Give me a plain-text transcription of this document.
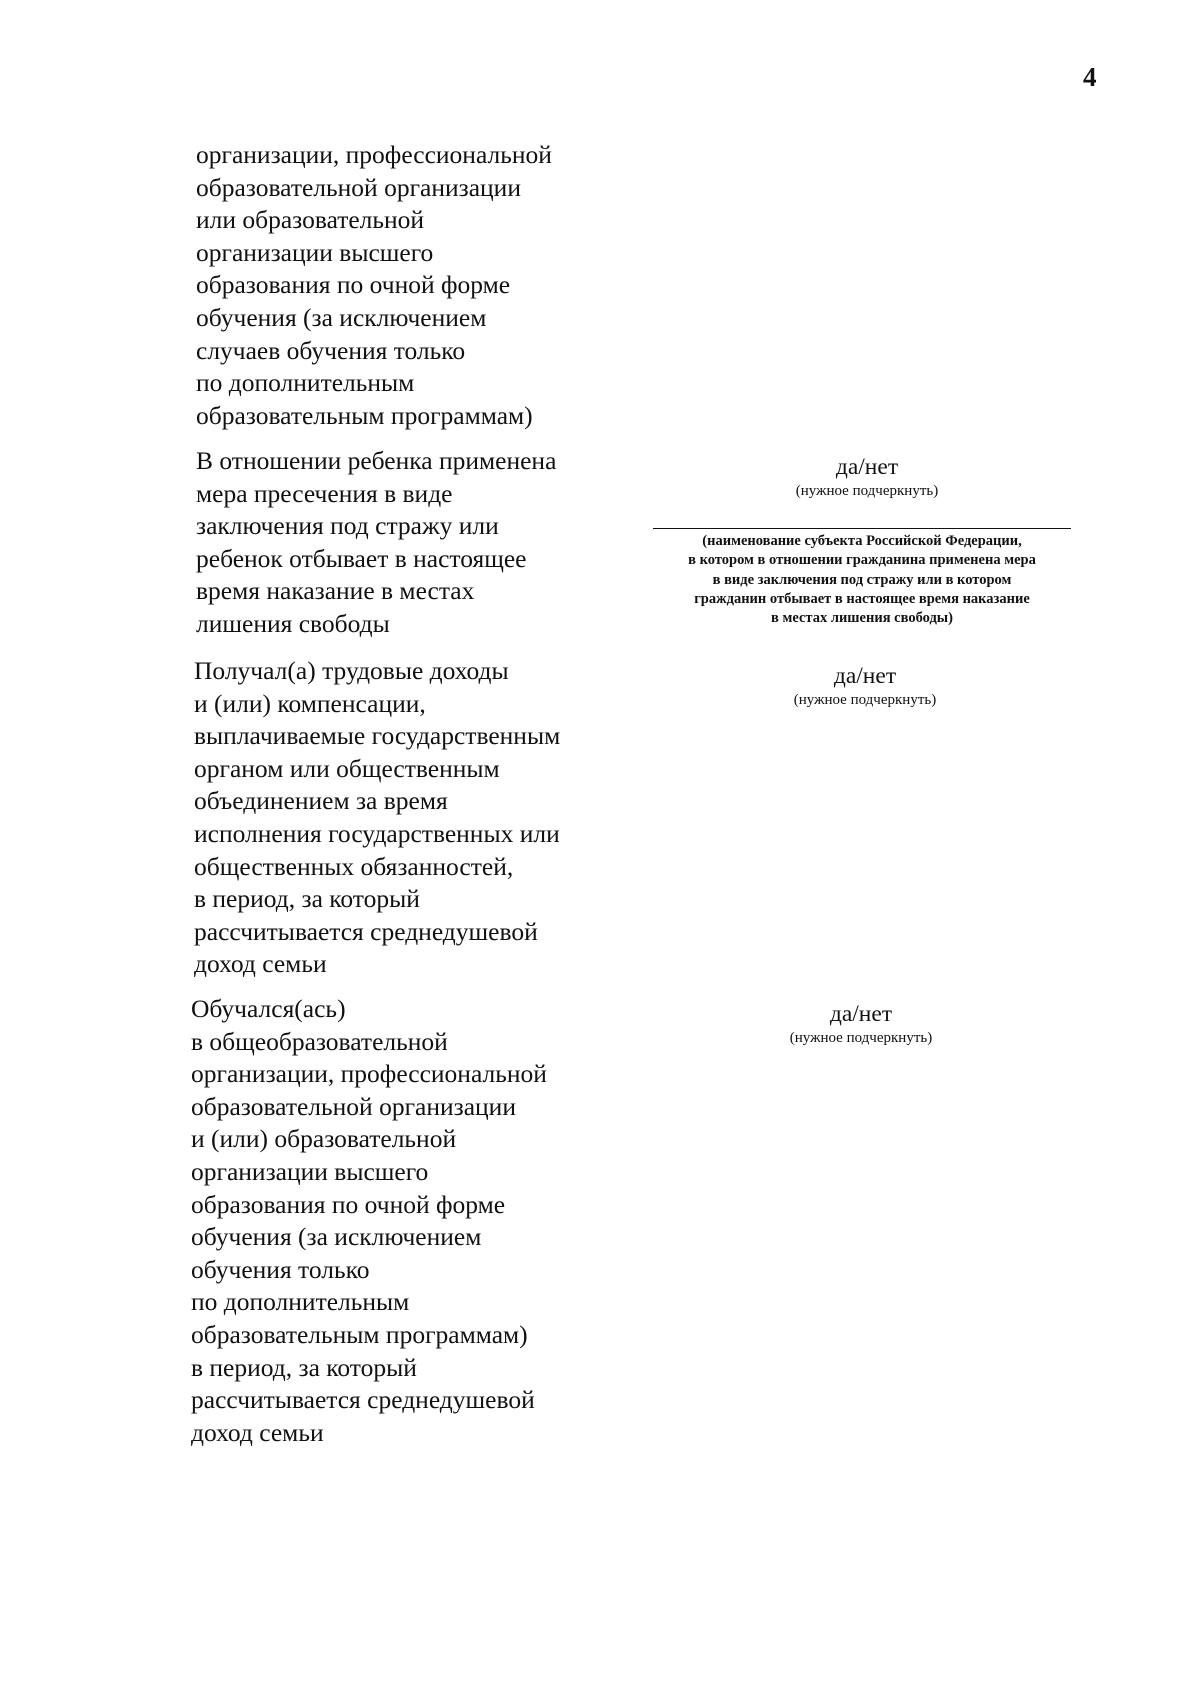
4
организации, профессиональной
образовательной организации
или образовательной
организации высшего
образования по очной форме
обучения (за исключением
случаев обучения только
по дополнительным
образовательным программам)
В отношении ребенка применена
мера пресечения в виде
заключения под стражу или
ребенок отбывает в настоящее
время наказание в местах
лишения свободы
да/нет
(нужное подчеркнуть)
(наименование субъекта Российской Федерации,
в котором в отношении гражданина применена мера
в виде заключения под стражу или в котором
гражданин отбывает в настоящее время наказание
в местах лишения свободы)
Получал(а) трудовые доходы
и (или) компенсации,
выплачиваемые государственным
органом или общественным
объединением за время
исполнения государственных или
общественных обязанностей,
в период, за который
рассчитывается среднедушевой
доход семьи
да/нет
(нужное подчеркнуть)
Обучался(ась)
в общеобразовательной
организации, профессиональной
образовательной организации
и (или) образовательной
организации высшего
образования по очной форме
обучения (за исключением
обучения только
по дополнительным
образовательным программам)
в период, за который
рассчитывается среднедушевой
доход семьи
да/нет
(нужное подчеркнуть)
